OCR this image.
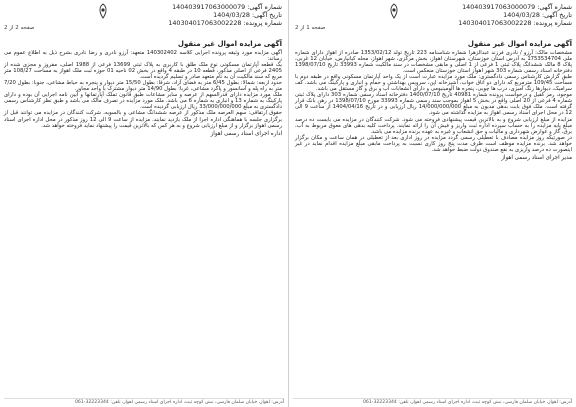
شماره آگهی: 140403917063000079
تاریخ آگهی: 1404/03/28
شماره پرونده: 140304017063002228
صفحه 1 از 2
آگهی مزایده اموال غیر منقول

مشخصات مالک: آرزو / نادری فرزند عبدالزهرا شماره شناسنامه 223 تاریخ تولد 1353/02/12 صادره از اهواز دارای شماره ملی 1753534704 به آدرس استان خوزستان، شهرستان اهواز، بخش مرکزی، شهر اهواز، محله کیانپارس، خیابان 12 غربی، پلاک 8 مالک ششدانگ پلاک ثبتی 1 فرعی از 1 اصلی و مابقی مشخصات در سند مالکیت شماره 33993 تاریخ 1398/07/10 دفترخانه اسناد رسمی شماره 303 شهر اهواز استان خوزستان منعکس است.

طبق گزارش کارشناس رسمی دادگستری: ملک مورد مزایده عبارت است از یک واحد آپارتمان مسکونی واقع در طبقه دوم با مساحت 109/45 مترمربع که دارای دو اتاق خواب، آشپزخانه اپن، سرویس بهداشتی و حمام و انباری و پارکینگ می باشد. کف سرامیک، دیوارها رنگ آمیزی، درب ها چوبی، پنجره ها آلومینیومی و دارای انشعابات آب و برق و گاز مستقل می باشد.

موجود، رمز کفیل و درخواست پرونده شماره 40981 تاریخ 1400/07/10 دفترخانه اسناد رسمی شماره 303 دارای پلاک ثبتی شماره 4 فرعی از 20 اصلی واقع در بخش 5 اهواز بموجب سند رسمی شماره 33993 مورخ 1398/07/10 در رهن بانک قرار گرفته است. ملک فوق بابت بدهی مدیون به مبلغ 14/000/000/000 ریال ارزیابی و در تاریخ 1404/04/16 از ساعت 9 الی 12 در محل اجرای اسناد رسمی اهواز به مزایده گذاشته می شود.

مزایده از مبلغ ارزیابی شروع و به بالاترین قیمت پیشنهادی فروخته می شود. شرکت کنندگان در مزایده می بایست ده درصد مبلغ پایه مزایده را به حساب سپرده اداره ثبت واریز و فیش آن را ارائه نمایند. پرداخت کلیه بدهی های معوق مربوط به آب، برق، گاز و عوارض شهرداری و مالیات و حق انشعاب و غیره به عهده برنده مزایده می باشد.

در صورتیکه روز مزایده مصادف با تعطیلی رسمی گردد مزایده در روز اداری بعد از تعطیلی در همان ساعت و مکان برگزار خواهد شد. برنده مزایده موظف است ظرف مدت پنج روز کاری نسبت به پرداخت مابقی مبلغ مزایده اقدام نماید در غیر اینصورت ده درصد واریزی به نفع صندوق دولت ضبط خواهد شد.

مدیر اجرای اسناد رسمی اهواز
آدرس: اهواز، خیابان سلمان فارسی، نبش کوچه ثبت، اداره اجرای اسناد رسمی اهواز، تلفن: 32223344-061
شماره آگهی: 140403917063000079
تاریخ آگهی: 1404/03/28
شماره پرونده: 140304017063002228
صفحه 2 از 2
آگهی مزایده اموال غیر منقول

آگهی مزایده مورد وثیقه پرونده اجرایی کلاسه 140302402 متعهد: آرزو نادری و رضا نادری بشرح ذیل به اطلاع عموم می رساند:

یک قطعه آپارتمان مسکونی نوع ملک طلق با کاربری به پلاک ثبتی 13699 فرعی از 1988 اصلی، مفروز و مجزی شده از 2405 فرعی از اصلی مذکور، قطعه 10 در طبقه 4 واقع در بخش 02 ناحیه 01 حوزه ثبت ملک اهواز به مساحت 108/27 متر مربع که سند مالکیت آن به نام متعهد صادر و تسلیم گردیده است.

حدود اربعه: شمالا: بطول 6/45 متر به فضای آزاد، شرقا: بطول 15/50 متر دیوار و پنجره به حیاط مشاعی، جنوبا: بطول 7/20 متر به راه پله و آسانسور و پاگرد مشاعی، غربا: بطول 14/90 متر دیوار مشترک با واحد مجاور.

ملک مورد مزایده دارای قدرالسهم از عرصه و سایر مشاعات طبق قانون تملک آپارتمانها و آیین نامه اجرایی آن بوده و دارای پارکینگ به شماره 13 و انباری به شماره 6 می باشد. ملک مورد مزایده در تصرف مالک می باشد و طبق نظر کارشناس رسمی دادگستری به مبلغ 33/000/000/000 ریال ارزیابی گردیده است.

حقوق ارتفاقی: سهم العرصه ملک مذکور از عرصه ششدانگ مشاعی و بالسویه، شرکت کنندگان در مزایده می توانند قبل از برگزاری جلسه با هماهنگی اداره اجرا از ملک بازدید نمایند. مزایده از ساعت 9 الی 12 روز مذکور در محل اداره اجرای اسناد رسمی اهواز برگزار و از مبلغ ارزیابی شروع و به هر کس که بالاترین قیمت را پیشنهاد نماید فروخته خواهد شد.

اداره اجرای اسناد رسمی اهواز
آدرس: اهواز، خیابان سلمان فارسی، نبش کوچه ثبت، اداره اجرای اسناد رسمی اهواز، تلفن: 32223344-061
